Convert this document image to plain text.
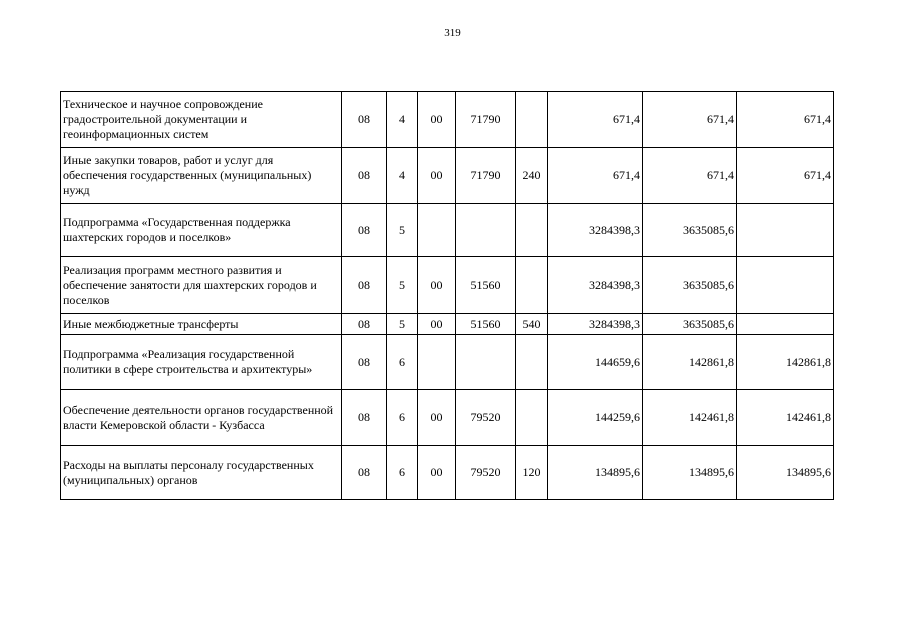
319
Техническое и научное сопровождение градостроительной документации и геоинформационных систем	08	4	00	71790		671,4	671,4	671,4
Иные закупки товаров, работ и услуг для обеспечения государственных (муниципальных) нужд	08	4	00	71790	240	671,4	671,4	671,4
Подпрограмма «Государственная поддержка шахтерских городов и поселков»	08	5				3284398,3	3635085,6	
Реализация программ местного развития и обеспечение занятости для шахтерских городов и поселков	08	5	00	51560		3284398,3	3635085,6	
Иные межбюджетные трансферты	08	5	00	51560	540	3284398,3	3635085,6	
Подпрограмма «Реализация государственной политики в сфере строительства и архитектуры»	08	6				144659,6	142861,8	142861,8
Обеспечение деятельности органов государственной власти Кемеровской области - Кузбасса	08	6	00	79520		144259,6	142461,8	142461,8
Расходы на выплаты персоналу государственных (муниципальных) органов	08	6	00	79520	120	134895,6	134895,6	134895,6
